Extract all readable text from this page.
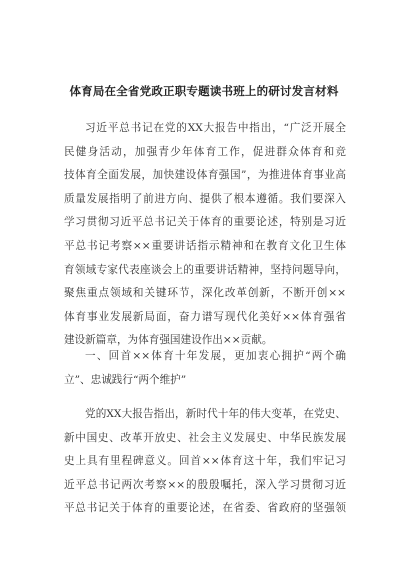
体育局在全省党政正职专题读书班上的研讨发言材料
习近平总书记在党的XX大报告中指出，“广泛开展全
民健身活动，加强青少年体育工作，促进群众体育和竞
技体育全面发展，加快建设体育强国”，为推进体育事业高
质量发展指明了前进方向、提供了根本遵循。我们要深入
学习贯彻习近平总书记关于体育的重要论述，特别是习近
平总书记考察××重要讲话指示精神和在教育文化卫生体
育领域专家代表座谈会上的重要讲话精神，坚持问题导向，
聚焦重点领域和关键环节，深化改革创新，不断开创××
体育事业发展新局面，奋力谱写现代化美好××体育强省
建设新篇章，为体育强国建设作出××贡献。
一、回首××体育十年发展，更加衷心拥护“两个确
立”、忠诚践行“两个维护”
党的XX大报告指出，新时代十年的伟大变革，在党史、
新中国史、改革开放史、社会主义发展史、中华民族发展
史上具有里程碑意义。回首××体育这十年，我们牢记习
近平总书记两次考察××的殷殷嘱托，深入学习贯彻习近
平总书记关于体育的重要论述，在省委、省政府的坚强领
